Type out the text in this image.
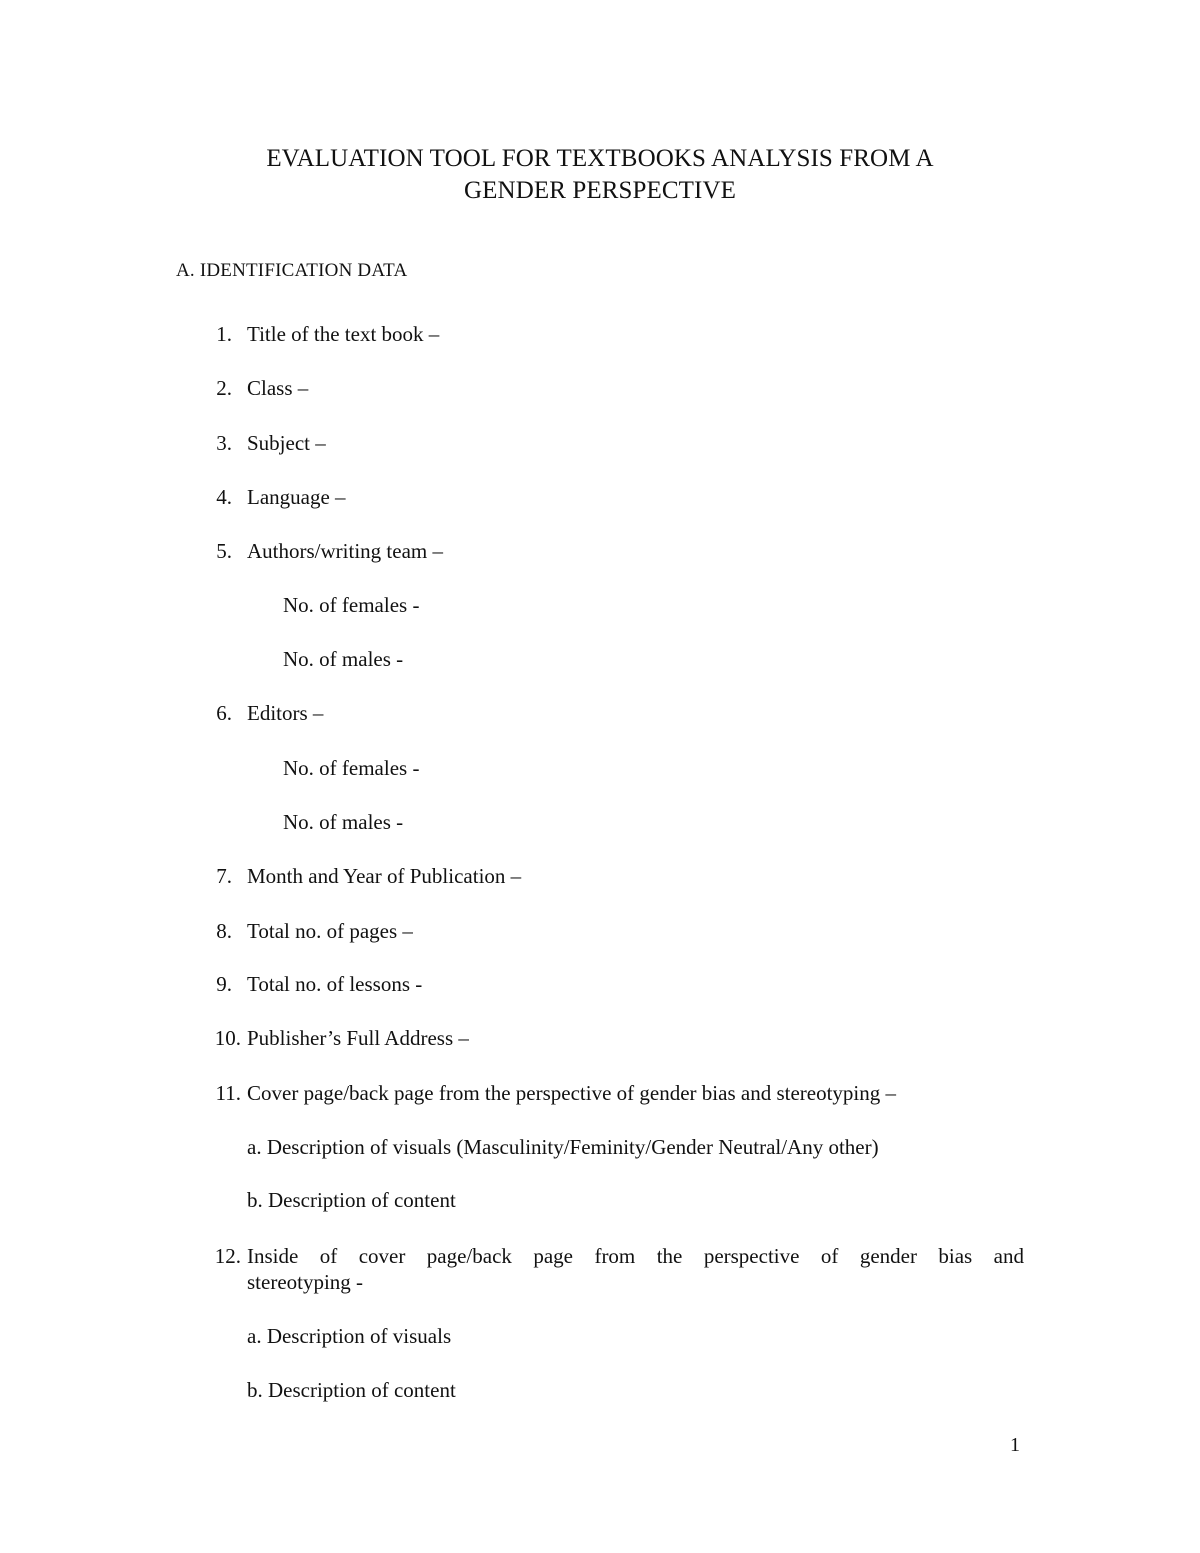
EVALUATION TOOL FOR TEXTBOOKS ANALYSIS FROM A
GENDER PERSPECTIVE
A. IDENTIFICATION DATA
1. Title of the text book –
2. Class –
3. Subject –
4. Language –
5. Authors/writing team –
No. of females -
No. of males -
6. Editors –
No. of females -
No. of males -
7. Month and Year of Publication –
8. Total no. of pages –
9. Total no. of lessons -
10. Publisher’s Full Address –
11. Cover page/back page from the perspective of gender bias and stereotyping –
a. Description of visuals (Masculinity/Feminity/Gender Neutral/Any other)
b. Description of content
12. Inside of cover page/back page from the perspective of gender bias and
stereotyping -
a. Description of visuals
b. Description of content
1
